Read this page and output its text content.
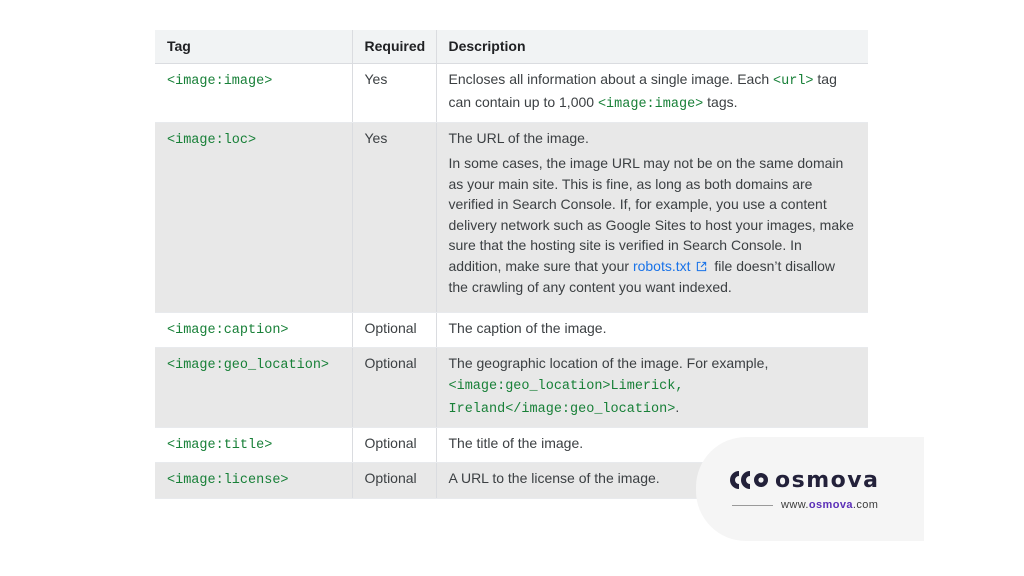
Tag	Required	Description
<image:image>	Yes	Encloses all information about a single image. Each <url> tag can contain up to 1,000 <image:image> tags.
<image:loc>	Yes	The URL of the image.

In some cases, the image URL may not be on the same domain as your main site. This is fine, as long as both domains are verified in Search Console. If, for example, you use a content delivery network such as Google Sites to host your images, make sure that the hosting site is verified in Search Console. In addition, make sure that your robots.txt file doesn’t disallow the crawling of any content you want indexed.

<image:caption>	Optional	The caption of the image.
<image:geo_location>	Optional	The geographic location of the image. For example, <image:geo_location>Limerick, Ireland</image:geo_location>.
<image:title>	Optional	The title of the image.
<image:license>	Optional	A URL to the license of the image.	osmova
www.osmova.com
